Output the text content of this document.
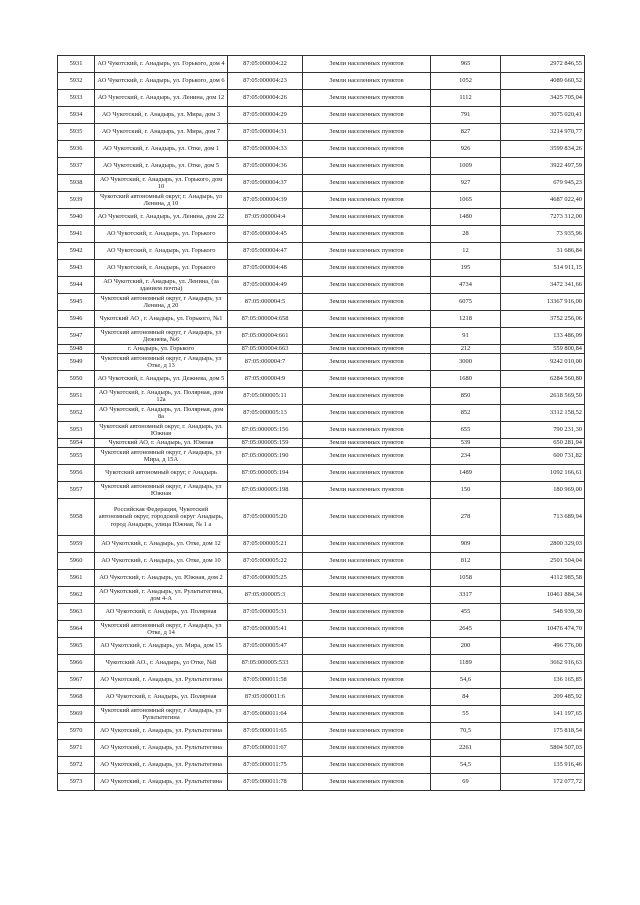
5931	АО Чукотский, г. Анадырь, ул. Горького, дом 4	87:05:000004:22	Земли населенных пунктов	965	2972 846,55
5932	АО Чукотский, г. Анадырь, ул. Горького, дом 6	87:05:000004:23	Земли населенных пунктов	1052	4089 660,52
5933	АО Чукотский, г. Анадырь, ул. Ленина, дом 12	87:05:000004:26	Земли населенных пунктов	1112	3425 705,04
5934	АО Чукотский, г. Анадырь, ул. Мира, дом 3	87:05:000004:29	Земли населенных пунктов	791	3075 020,41
5935	АО Чукотский, г. Анадырь, ул. Мира, дом 7	87:05:000004:31	Земли населенных пунктов	827	3214 970,77
5936	АО Чукотский, г. Анадырь, ул. Отке, дом 1	87:05:000004:33	Земли населенных пунктов	926	3599 834,26
5937	АО Чукотский, г. Анадырь, ул. Отке, дом 5	87:05:000004:36	Земли населенных пунктов	1009	3922 497,59
5938	АО Чукотский, г. Анадырь, ул. Горького, дом 10	87:05:000004:37	Земли населенных пунктов	927	679 945,23
5939	Чукотский автономный округ, г. Анадырь, ул Ленина, д 10	87:05:000004:39	Земли населенных пунктов	1065	4687 022,40
5940	АО Чукотский, г. Анадырь, ул. Ленина, дом 22	87:05:000004:4	Земли населенных пунктов	1480	7273 312,00
5941	АО Чукотский, г. Анадырь, ул. Горького	87:05:000004:45	Земли населенных пунктов	28	73 935,96
5942	АО Чукотский, г. Анадырь, ул. Горького	87:05:000004:47	Земли населенных пунктов	12	31 686,84
5943	АО Чукотский, г. Анадырь, ул. Горького	87:05:000004:48	Земли населенных пунктов	195	514 911,15
5944	АО Чукотский, г. Анадырь, ул. Ленина, (за зданием почты)	87:05:000004:49	Земли населенных пунктов	4734	3472 341,66
5945	Чукотский автономный округ, г Анадырь, ул Ленина, д 20	87:05:000004:5	Земли населенных пунктов	6075	13367 916,00
5946	Чукотский АО , г. Анадырь, ул. Горького, №1	87:05:000004:658	Земли населенных пунктов	1218	3752 256,06
5947	Чукотский автономный округ, г Анадырь, ул Дежнева, №6	87:05:000004:661	Земли населенных пунктов	91	133 486,09
5948	г. Анадырь, ул. Горького	87:05:000004:663	Земли населенных пунктов	212	559 800,84
5949	Чукотский автономный округ, г Анадырь, ул Отке, д 13	87:05:000004:7	Земли населенных пунктов	3000	9242 010,00
5950	АО Чукотский, г. Анадырь, ул. Дежнева, дом 5	87:05:000004:9	Земли населенных пунктов	1680	6284 560,80
5951	АО Чукотский, г. Анадырь, ул. Полярная, дом 12а	87:05:000005:11	Земли населенных пунктов	850	2618 569,50
5952	АО Чукотский, г. Анадырь, ул. Полярная, дом 8а	87:05:000005:13	Земли населенных пунктов	852	3312 158,52
5953	Чукотский автономный округ, г. Анадырь, ул. Южная	87:05:000005:156	Земли населенных пунктов	655	790 231,30
5954	Чукотский АО, г. Анадырь, ул. Южная	87:05:000005:159	Земли населенных пунктов	539	650 281,94
5955	Чукотский автономный округ, г Анадырь, ул Мира, д 15А	87:05:000005:190	Земли населенных пунктов	234	600 731,82
5956	Чукотский автономный округ, г Анадырь	87:05:000005:194	Земли населенных пунктов	1489	1092 166,61
5957	Чукотский автономный округ, г Анадырь, ул Южная	87:05:000005:198	Земли населенных пунктов	150	180 969,00
5958	Российская Федерация, Чукотский автономный округ, городской округ Анадырь, город Анадырь, улица Южная, № 1 а	87:05:000005:20	Земли населенных пунктов	278	713 689,94
5959	АО Чукотский, г. Анадырь, ул. Отке, дом 12	87:05:000005:21	Земли населенных пунктов	909	2800 329,03
5960	АО Чукотский, г. Анадырь, ул. Отке, дом 10	87:05:000005:22	Земли населенных пунктов	812	2501 504,04
5961	АО Чукотский, г. Анадырь, ул. Южная, дом 2	87:05:000005:25	Земли населенных пунктов	1058	4112 985,58
5962	АО Чукотский, г. Анадырь, ул. Рультытегина, дом 4-А	87:05:000005:3	Земли населенных пунктов	3317	10461 884,34
5963	АО Чукотский, г. Анадырь, ул. Полярная	87:05:000005:31	Земли населенных пунктов	455	548 939,30
5964	Чукотский автономный округ, г Анадырь, ул Отке, д 14	87:05:000005:41	Земли населенных пунктов	2645	10476 474,70
5965	АО Чукотский, г. Анадырь, ул. Мира, дом 15	87:05:000005:47	Земли населенных пунктов	200	496 776,00
5966	Чукотский АО., г. Анадырь, ул Отке, №8	87:05:000005:533	Земли населенных пунктов	1189	3662 916,63
5967	АО Чукотский, г. Анадырь, ул. Рультытегина	87:05:000011:58	Земли населенных пунктов	54,6	136 165,85
5968	АО Чукотский, г. Анадырь, ул. Полярная	87:05:000011:6	Земли населенных пунктов	84	209 485,92
5969	Чукотский автономный округ, г Анадырь, ул Рультытегина	87:05:000011:64	Земли населенных пунктов	55	141 197,65
5970	АО Чукотский, г. Анадырь, ул. Рультытегина	87:05:000011:65	Земли населенных пунктов	70,5	175 818,54
5971	АО Чукотский, г. Анадырь, ул. Рультытегина	87:05:000011:67	Земли населенных пунктов	2261	5804 507,03
5972	АО Чукотский, г. Анадырь, ул. Рультытегина	87:05:000011:75	Земли населенных пунктов	54,5	135 916,46
5973	АО Чукотский, г. Анадырь, ул. Рультытегина	87:05:000011:78	Земли населенных пунктов	69	172 077,72
